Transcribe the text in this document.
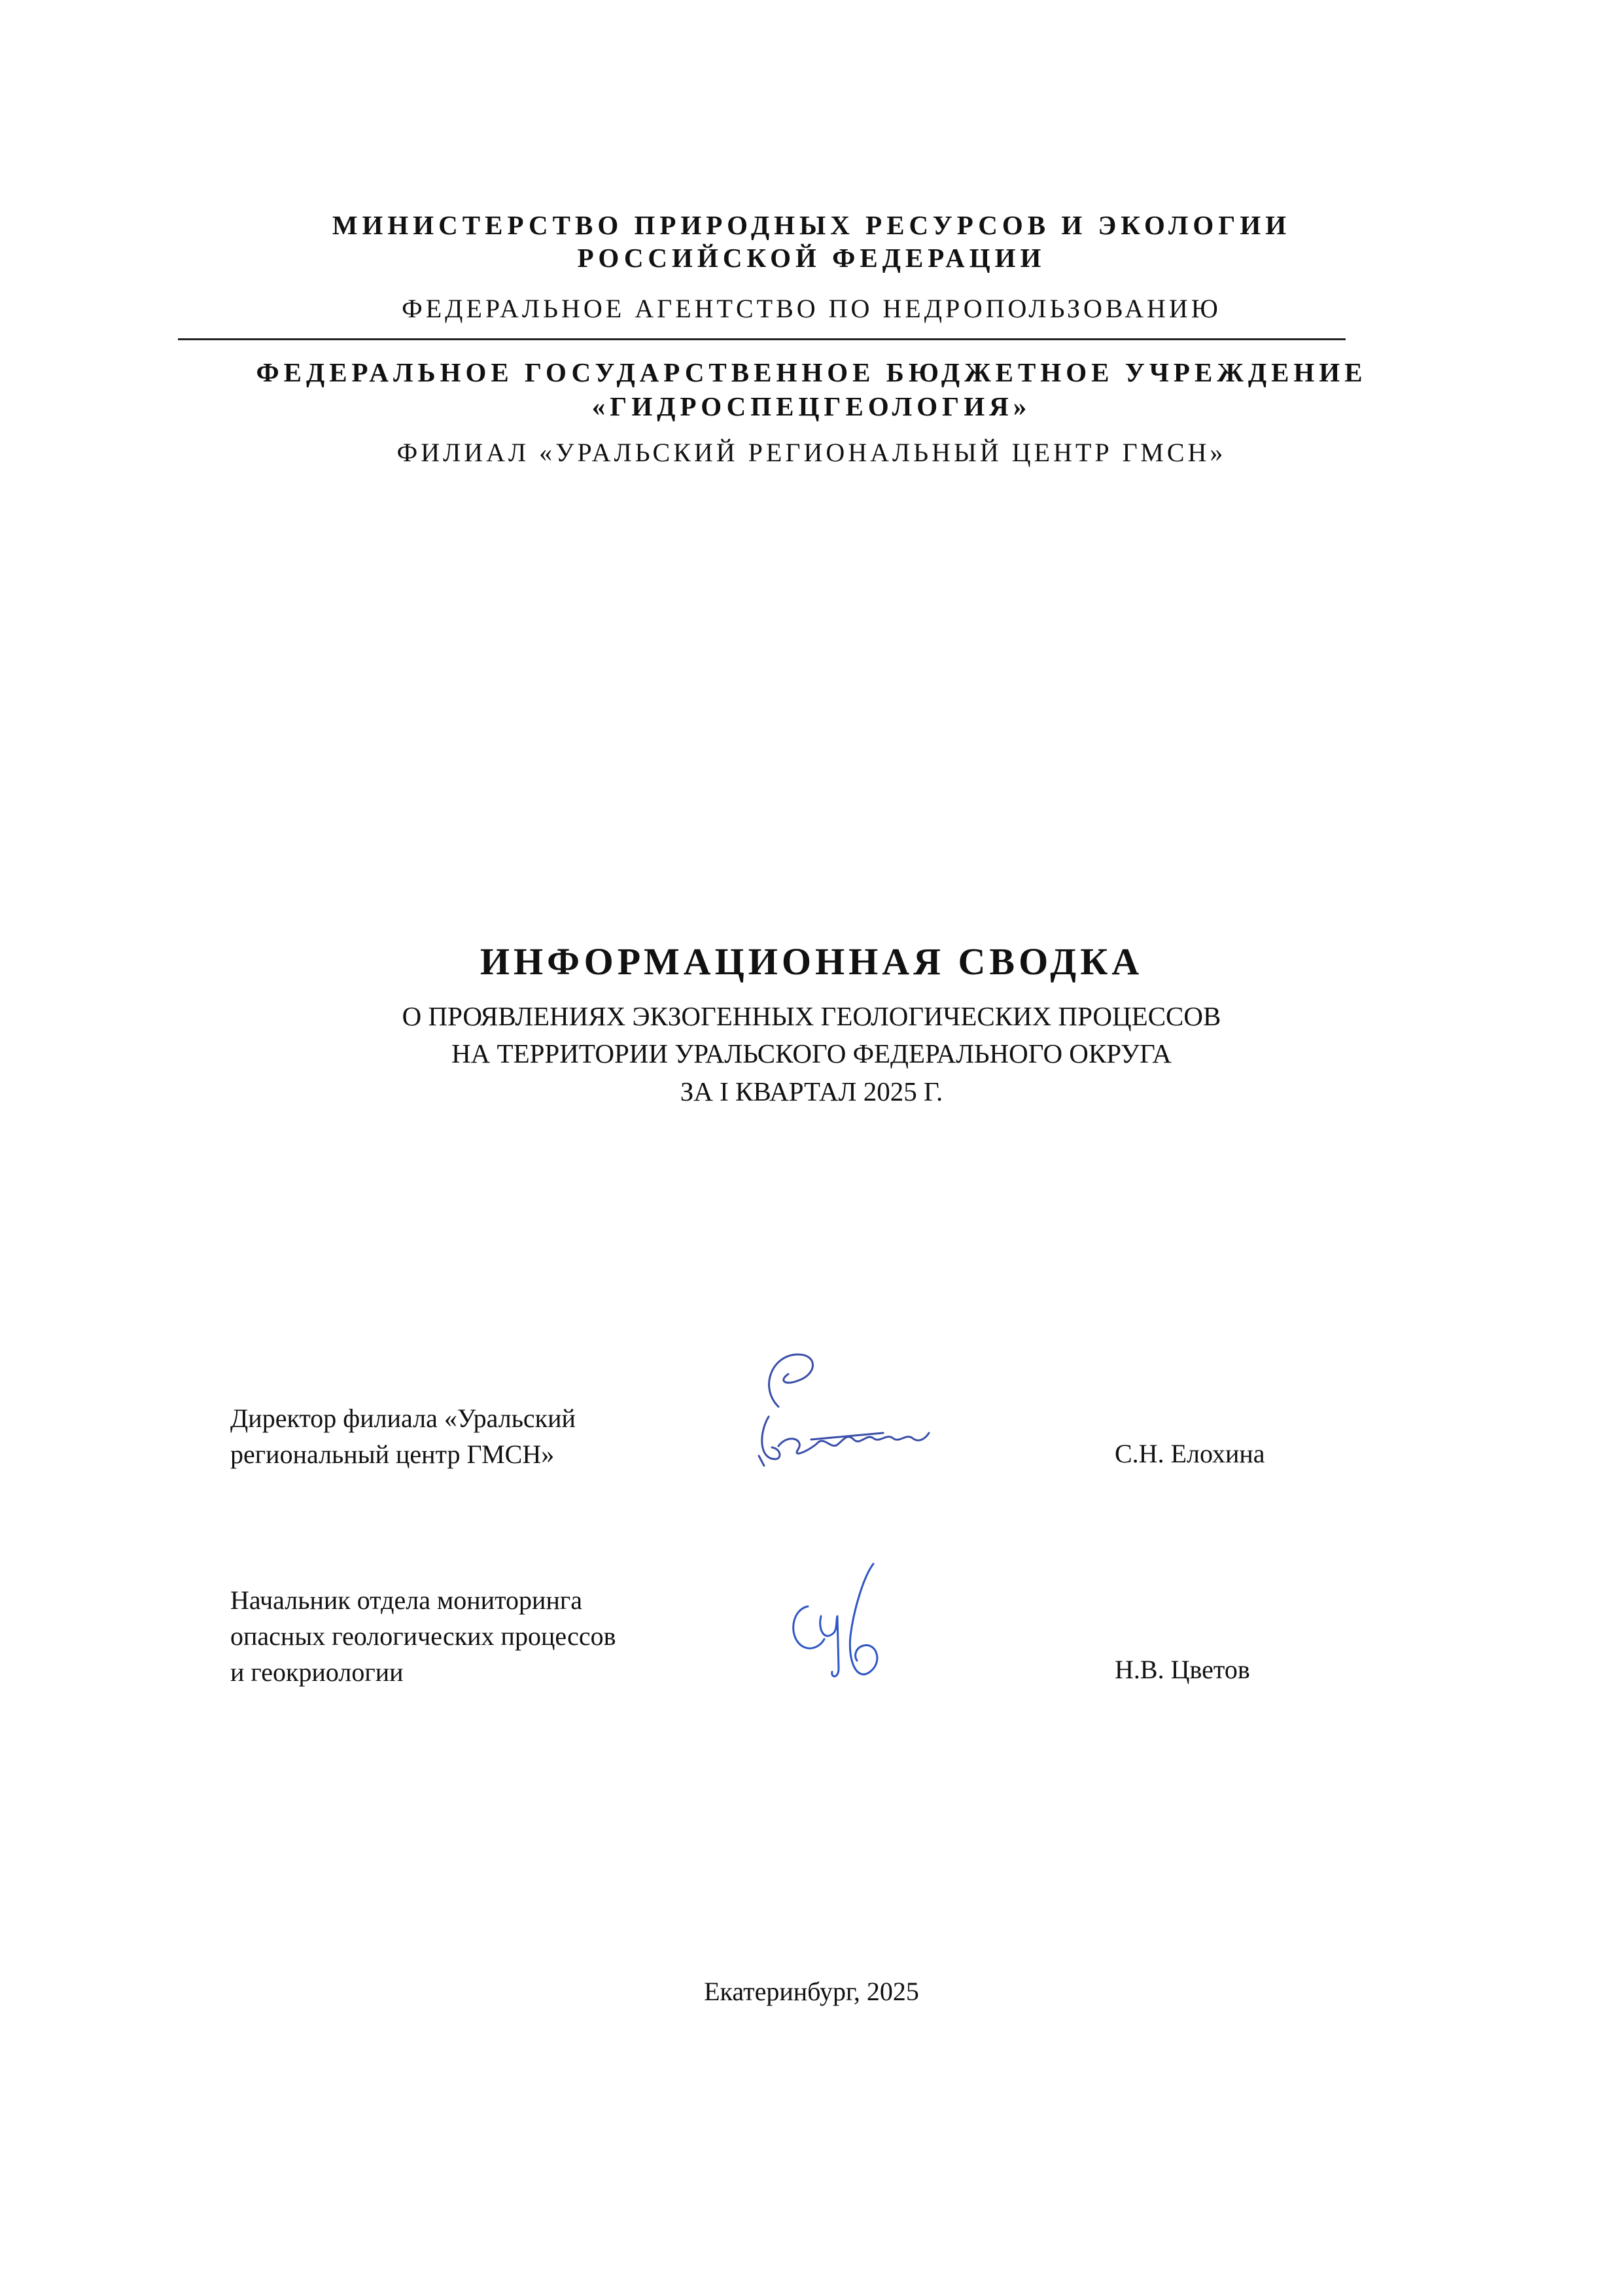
МИНИСТЕРСТВО ПРИРОДНЫХ РЕСУРСОВ И ЭКОЛОГИИ
РОССИЙСКОЙ ФЕДЕРАЦИИ
ФЕДЕРАЛЬНОЕ АГЕНТСТВО ПО НЕДРОПОЛЬЗОВАНИЮ
ФЕДЕРАЛЬНОЕ ГОСУДАРСТВЕННОЕ БЮДЖЕТНОЕ УЧРЕЖДЕНИЕ
«ГИДРОСПЕЦГЕОЛОГИЯ»
ФИЛИАЛ «УРАЛЬСКИЙ РЕГИОНАЛЬНЫЙ ЦЕНТР ГМСН»
ИНФОРМАЦИОННАЯ СВОДКА
О ПРОЯВЛЕНИЯХ ЭКЗОГЕННЫХ ГЕОЛОГИЧЕСКИХ ПРОЦЕССОВ
НА ТЕРРИТОРИИ УРАЛЬСКОГО ФЕДЕРАЛЬНОГО ОКРУГА
ЗА I КВАРТАЛ 2025 Г.
Директор филиала «Уральский
региональный центр ГМСН»	С.Н. Елохина
Начальник отдела мониторинга
опасных геологических процессов
и геокриологии	Н.В. Цветов
Екатеринбург, 2025
